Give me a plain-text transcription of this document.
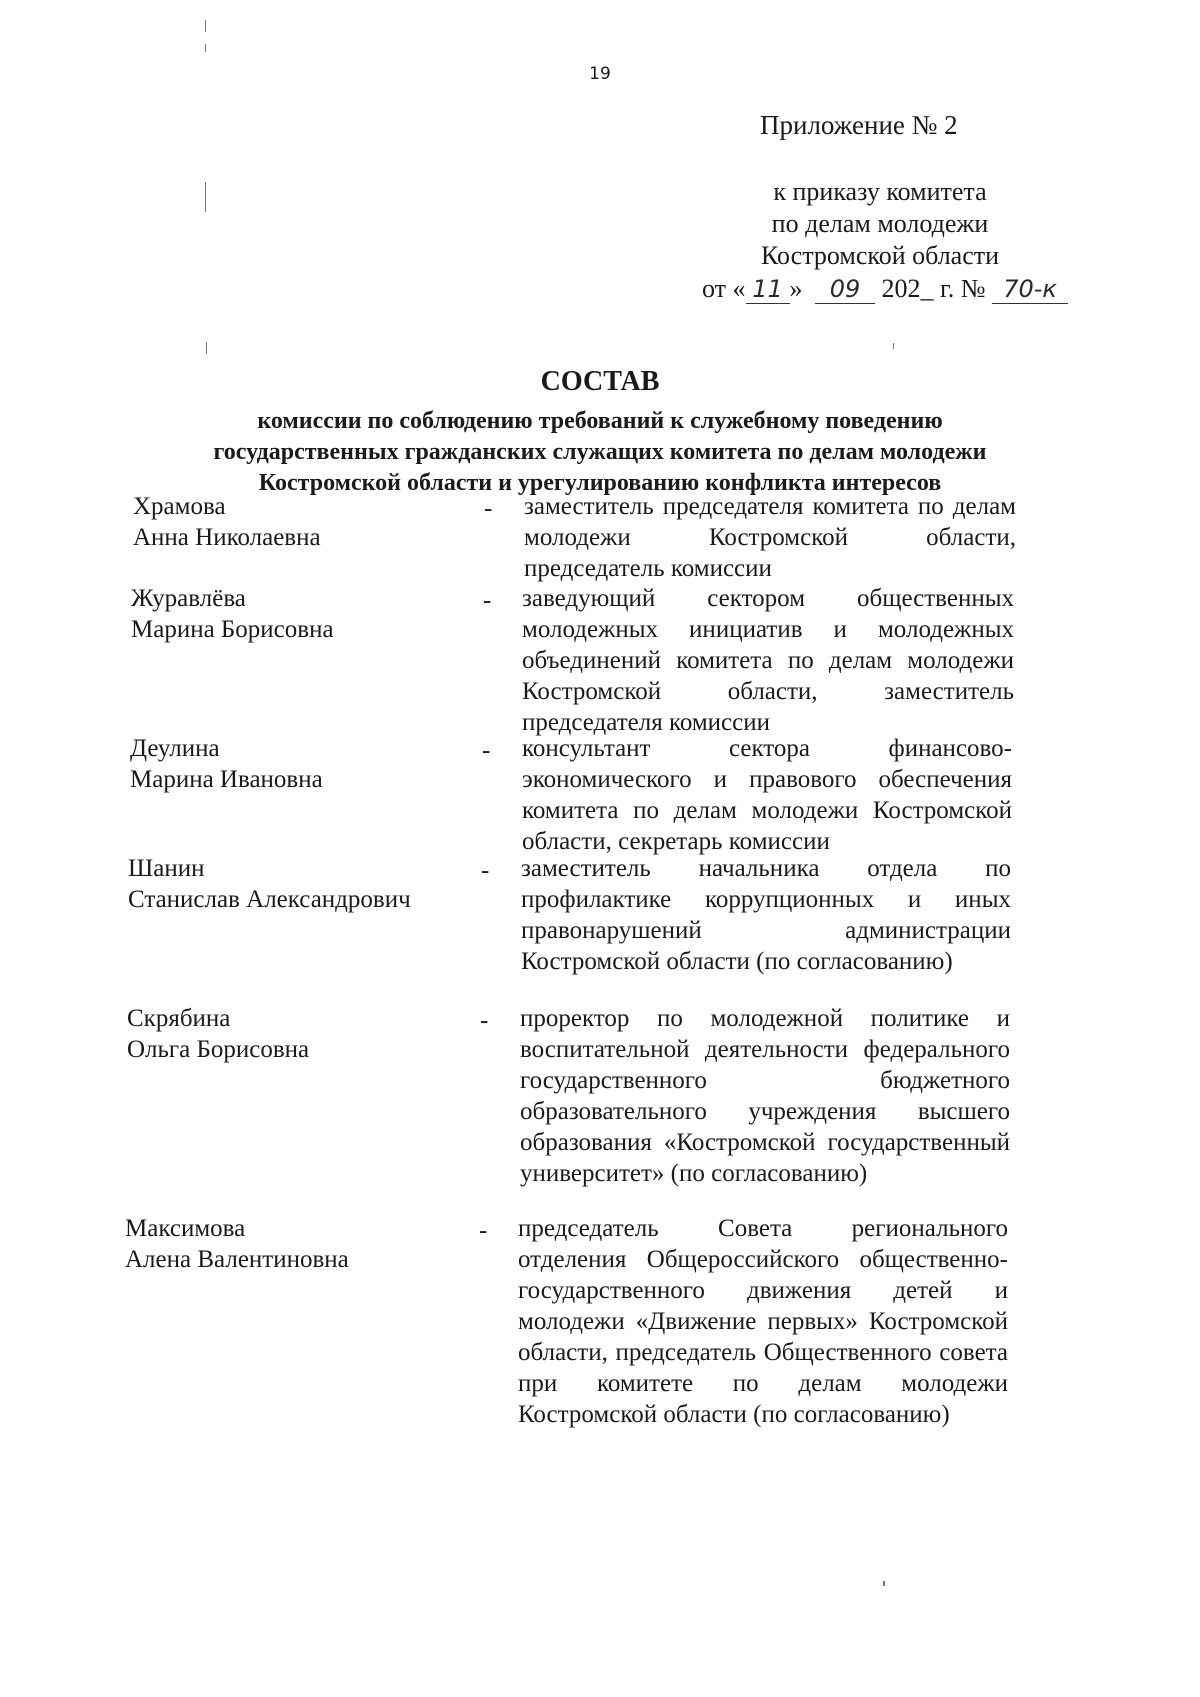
19
Приложение № 2
к приказу комитета
по делам молодежи
Костромской области
от « 11 » 09 202_ г. № 70-к
СОСТАВ
комиссии по соблюдению требований к служебному поведению государственных гражданских служащих комитета по делам молодежи Костромской области и урегулированию конфликта интересов
Храмова
Анна Николаевна
- заместитель председателя комитета по делам молодежи Костромской области, председатель комиссии
Журавлёва
Марина Борисовна
- заведующий сектором общественных молодежных инициатив и молодежных объединений комитета по делам молодежи Костромской области, заместитель председателя комиссии
Деулина
Марина Ивановна
- консультант сектора финансово-экономического и правового обеспечения комитета по делам молодежи Костромской области, секретарь комиссии
Шанин
Станислав Александрович
- заместитель начальника отдела по профилактике коррупционных и иных правонарушений администрации Костромской области (по согласованию)
Скрябина
Ольга Борисовна
- проректор по молодежной политике и воспитательной деятельности федерального государственного бюджетного образовательного учреждения высшего образования «Костромской государственный университет» (по согласованию)
Максимова
Алена Валентиновна
- председатель Совета регионального отделения Общероссийского общественно-государственного движения детей и молодежи «Движение первых» Костромской области, председатель Общественного совета при комитете по делам молодежи Костромской области (по согласованию)
